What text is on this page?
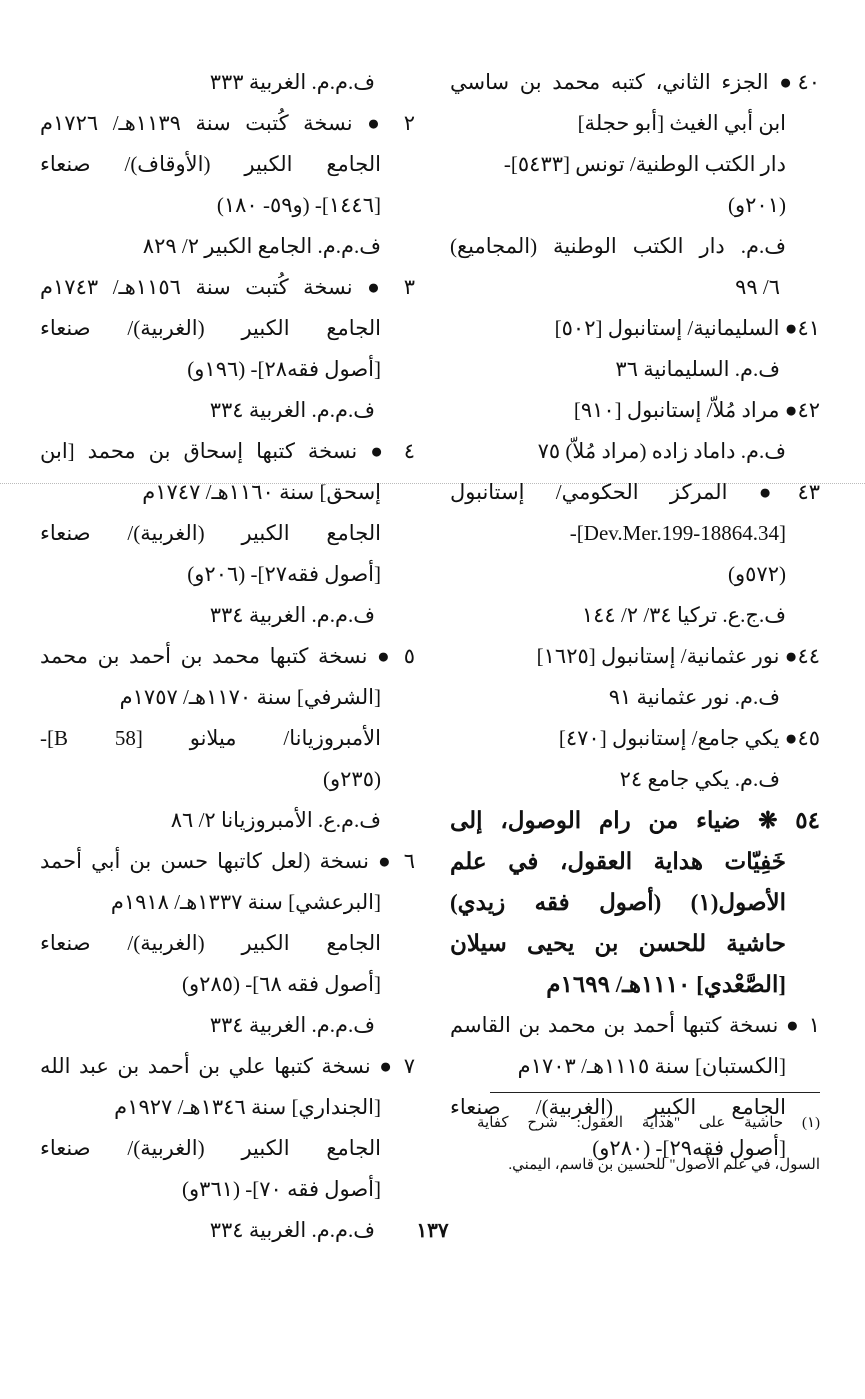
٤٠● الجزء الثاني، كتبه محمد بن ساسي
ابن أبي الغيث [أبو حجلة]
دار الكتب الوطنية/ تونس [٥٤٣٣]-
(٢٠١و)
ف.م. دار الكتب الوطنية (المجاميع)
٦/ ٩٩
٤١● السليمانية/ إستانبول [٥٠٢]
ف.م. السليمانية ٣٦
٤٢● مراد مُلاّ/ إستانبول [٩١٠]
ف.م. داماد زاده (مراد مُلاّ) ٧٥
٤٣● المركز الحكومي/ إستانبول
[34.Dev.Mer.199-18864]-
(٥٧٢و)
ف.ج.ع. تركيا ٣٤/ ٢/ ١٤٤
٤٤● نور عثمانية/ إستانبول [١٦٢٥]
ف.م. نور عثمانية ٩١
٤٥● يكي جامع/ إستانبول [٤٧٠]
ف.م. يكي جامع ٢٤
٥٤ ❋ ضياء من رام الوصول، إلى
خَفِيّات هداية العقول، في علم
الأصول(١) (أصول فقه زيدي)
حاشية للحسن بن يحيى سيلان
[الصَّعْدي] ١١١٠هـ/ ١٦٩٩م
١ ● نسخة كتبها أحمد بن محمد بن القاسم
[الكستبان] سنة ١١١٥هـ/ ١٧٠٣م
الجامع الكبير (الغربية)/ صنعاء
[أصول فقه٢٩]- (٢٨٠و)
ف.م.م. الغربية ٣٣٣
٢ ● نسخة كُتبت سنة ١١٣٩هـ/ ١٧٢٦م
الجامع الكبير (الأوقاف)/ صنعاء
[١٤٤٦]- (و٥٩- ١٨٠)
ف.م.م. الجامع الكبير ٢/ ٨٢٩
٣ ● نسخة كُتبت سنة ١١٥٦هـ/ ١٧٤٣م
الجامع الكبير (الغربية)/ صنعاء
[أصول فقه٢٨]- (١٩٦و)
ف.م.م. الغربية ٣٣٤
٤ ● نسخة كتبها إسحاق بن محمد [ابن
إسحق] سنة ١١٦٠هـ/ ١٧٤٧م
الجامع الكبير (الغربية)/ صنعاء
[أصول فقه٢٧]- (٢٠٦و)
ف.م.م. الغربية ٣٣٤
٥ ● نسخة كتبها محمد بن أحمد بن محمد
[الشرفي] سنة ١١٧٠هـ/ ١٧٥٧م
الأمبروزيانا/ ميلانو [B 58]-
(٢٣٥و)
ف.م.ع. الأمبروزيانا ٢/ ٨٦
٦ ● نسخة (لعل كاتبها حسن بن أبي أحمد
[البرعشي] سنة ١٣٣٧هـ/ ١٩١٨م
الجامع الكبير (الغربية)/ صنعاء
[أصول فقه ٦٨]- (٢٨٥و)
ف.م.م. الغربية ٣٣٤
٧ ● نسخة كتبها علي بن أحمد بن عبد الله
[الجنداري] سنة ١٣٤٦هـ/ ١٩٢٧م
الجامع الكبير (الغربية)/ صنعاء
[أصول فقه ٧٠]- (٣٦١و)
ف.م.م. الغربية ٣٣٤
(١) حاشية على "هداية العقول: شرح كفاية
السول، في علم الأصول" للحسين بن قاسم، اليمني.
١٣٧
